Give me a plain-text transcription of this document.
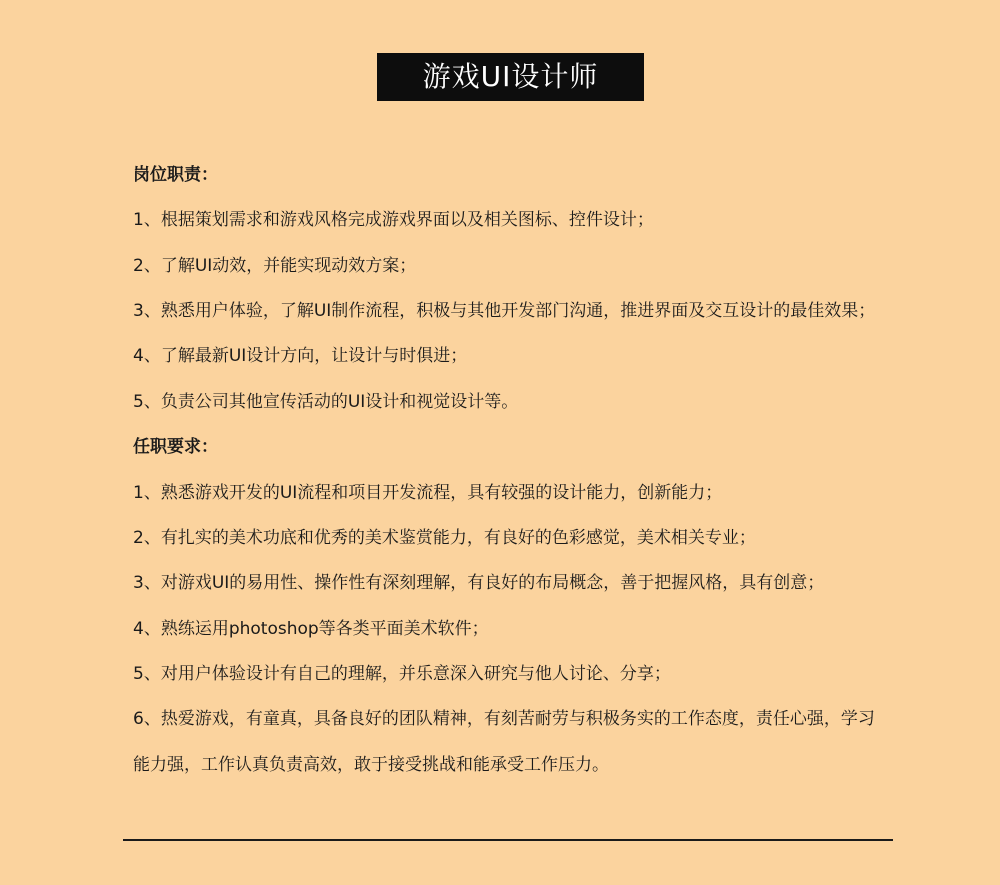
游戏UI设计师
岗位职责：
1、根据策划需求和游戏风格完成游戏界面以及相关图标、控件设计；
2、了解UI动效，并能实现动效方案；
3、熟悉用户体验，了解UI制作流程，积极与其他开发部门沟通，推进界面及交互设计的最佳效果；
4、了解最新UI设计方向，让设计与时俱进；
5、负责公司其他宣传活动的UI设计和视觉设计等。
任职要求：
1、熟悉游戏开发的UI流程和项目开发流程，具有较强的设计能力，创新能力；
2、有扎实的美术功底和优秀的美术鉴赏能力，有良好的色彩感觉，美术相关专业；
3、对游戏UI的易用性、操作性有深刻理解，有良好的布局概念，善于把握风格，具有创意；
4、熟练运用photoshop等各类平面美术软件；
5、对用户体验设计有自己的理解，并乐意深入研究与他人讨论、分享；
6、热爱游戏，有童真，具备良好的团队精神，有刻苦耐劳与积极务实的工作态度，责任心强，学习
能力强，工作认真负责高效，敢于接受挑战和能承受工作压力。
